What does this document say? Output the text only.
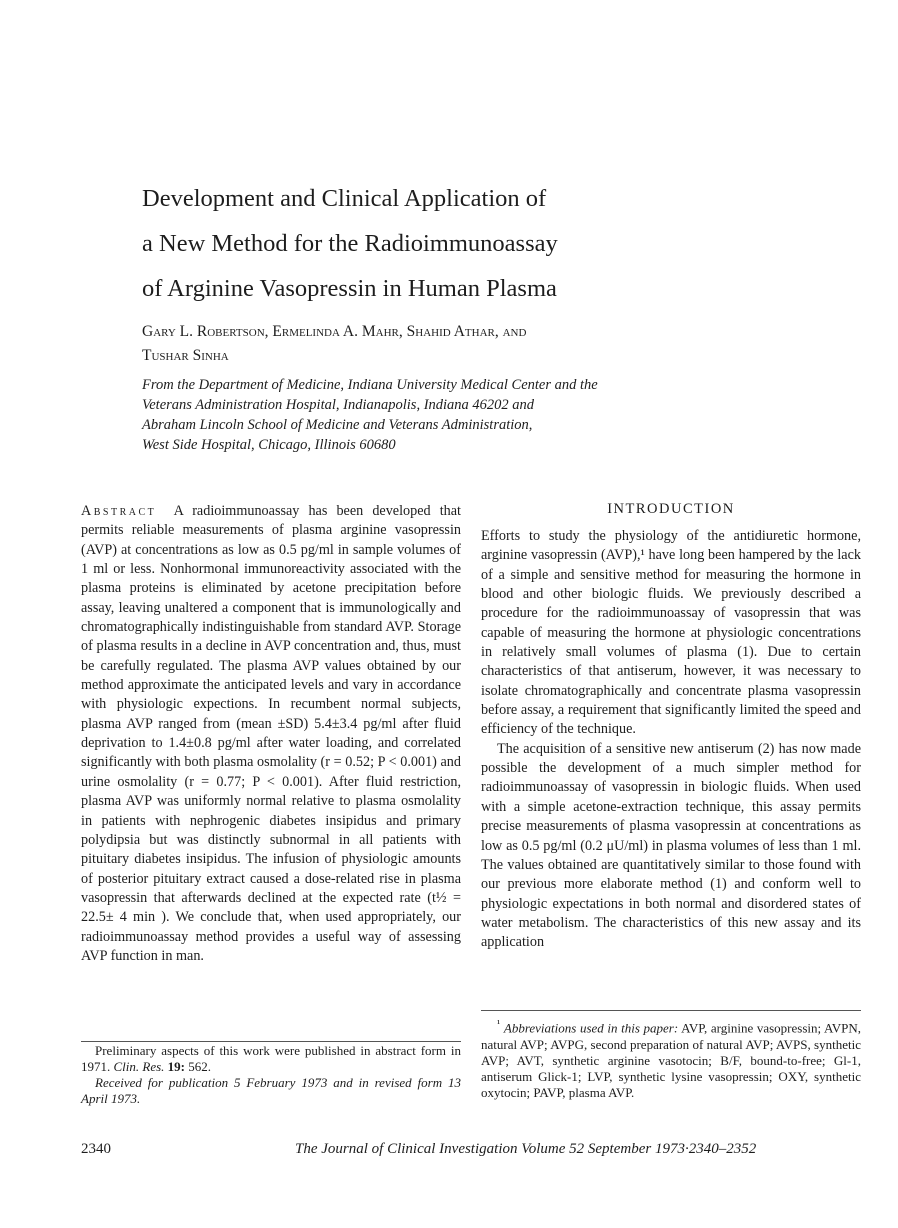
Development and Clinical Application of
a New Method for the Radioimmunoassay
of Arginine Vasopressin in Human Plasma
Gary L. Robertson, Ermelinda A. Mahr, Shahid Athar, and
Tushar Sinha
From the Department of Medicine, Indiana University Medical Center and the
Veterans Administration Hospital, Indianapolis, Indiana 46202 and
Abraham Lincoln School of Medicine and Veterans Administration,
West Side Hospital, Chicago, Illinois 60680

Abstract A radioimmunoassay has been developed that permits reliable measurements of plasma arginine vasopressin (AVP) at concentrations as low as 0.5 pg/ml in sample volumes of 1 ml or less. Nonhormonal immunoreactivity associated with the plasma proteins is eliminated by acetone precipitation before assay, leaving unaltered a component that is immunologically and chromatographically indistinguishable from standard AVP. Storage of plasma results in a decline in AVP concentration and, thus, must be carefully regulated. The plasma AVP values obtained by our method approximate the anticipated levels and vary in accordance with physiologic expections. In recumbent normal subjects, plasma AVP ranged from (mean ±SD) 5.4±3.4 pg/ml after fluid deprivation to 1.4±0.8 pg/ml after water loading, and correlated significantly with both plasma osmolality (r = 0.52; P < 0.001) and urine osmolality (r = 0.77; P < 0.001). After fluid restriction, plasma AVP was uniformly normal relative to plasma osmolality in patients with nephrogenic diabetes insipidus and primary polydipsia but was distinctly subnormal in all patients with pituitary diabetes insipidus. The infusion of physiologic amounts of posterior pituitary extract caused a dose-related rise in plasma vasopressin that afterwards declined at the expected rate (t½ = 22.5± 4 min ). We conclude that, when used appropriately, our radioimmunoassay method provides a useful way of assessing AVP function in man.

Preliminary aspects of this work were published in abstract form in 1971. Clin. Res. 19: 562.

Received for publication 5 February 1973 and in revised form 13 April 1973.

INTRODUCTION

Efforts to study the physiology of the antidiuretic hormone, arginine vasopressin (AVP),¹ have long been hampered by the lack of a simple and sensitive method for measuring the hormone in blood and other biologic fluids. We previously described a procedure for the radioimmunoassay of vasopressin that was capable of measuring the hormone at physiologic concentrations in relatively small volumes of plasma (1). Due to certain characteristics of that antiserum, however, it was necessary to isolate chromatographically and concentrate plasma vasopressin before assay, a requirement that significantly limited the speed and efficiency of the technique.

The acquisition of a sensitive new antiserum (2) has now made possible the development of a much simpler method for radioimmunoassay of vasopressin in biologic fluids. When used with a simple acetone-extraction technique, this assay permits precise measurements of plasma vasopressin at concentrations as low as 0.5 pg/ml (0.2 μU/ml) in plasma volumes of less than 1 ml. The values obtained are quantitatively similar to those found with our previous more elaborate method (1) and conform well to physiologic expectations in both normal and disordered states of water metabolism. The characteristics of this new assay and its application

$^{^1}$ Abbreviations used in this paper: AVP, arginine vasopressin; AVPN, natural AVP; AVPG, second preparation of natural AVP; AVPS, synthetic AVP; AVT, synthetic arginine vasotocin; B/F, bound-to-free; Gl-1, antiserum Glick-1; LVP, synthetic lysine vasopressin; OXY, synthetic oxytocin; PAVP, plasma AVP.

2340	The Journal of Clinical Investigation Volume 52 September 1973·2340–2352
